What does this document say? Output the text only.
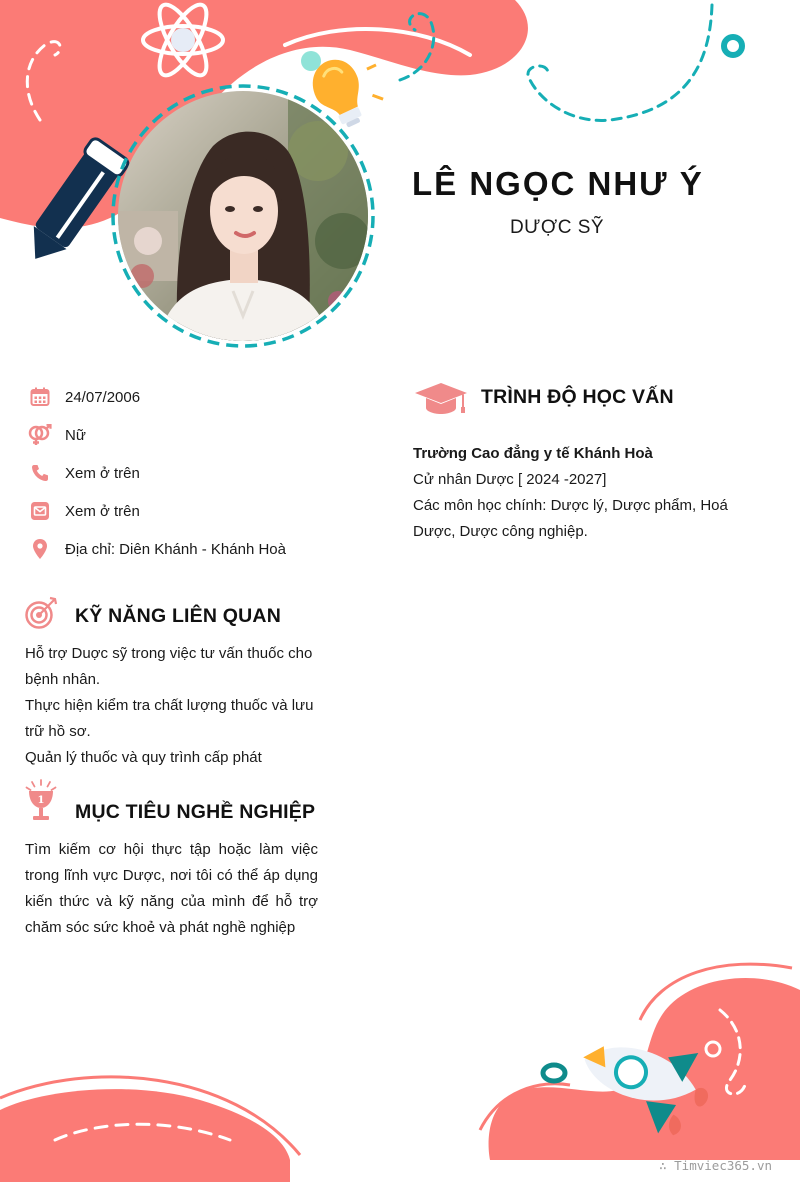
LÊ NGỌC NHƯ Ý
DƯỢC SỸ
24/07/2006
Nữ
Xem ở trên
Xem ở trên
Địa chỉ: Diên Khánh - Khánh Hoà
KỸ NĂNG LIÊN QUAN

Hỗ trợ Duợc sỹ trong việc tư vấn thuốc cho bệnh nhân.

Thực hiện kiểm tra chất lượng thuốc và lưu trữ hồ sơ.

Quản lý thuốc và quy trình cấp phát

1
MỤC TIÊU NGHỀ NGHIỆP
Tìm kiếm cơ hội thực tập hoặc làm việc trong lĩnh vực Dược, nơi tôi có thể áp dụng kiến thức và kỹ năng của mình để hỗ trợ chăm sóc sức khoẻ và phát nghề nghiệp
TRÌNH ĐỘ HỌC VẤN

Trường Cao đẳng y tế Khánh Hoà

Cử nhân Dược [ 2024 -2027]

Các môn học chính: Dược lý, Dược phẩm, Hoá Dược, Dược công nghiệp.

∴ Timviec365.vn
